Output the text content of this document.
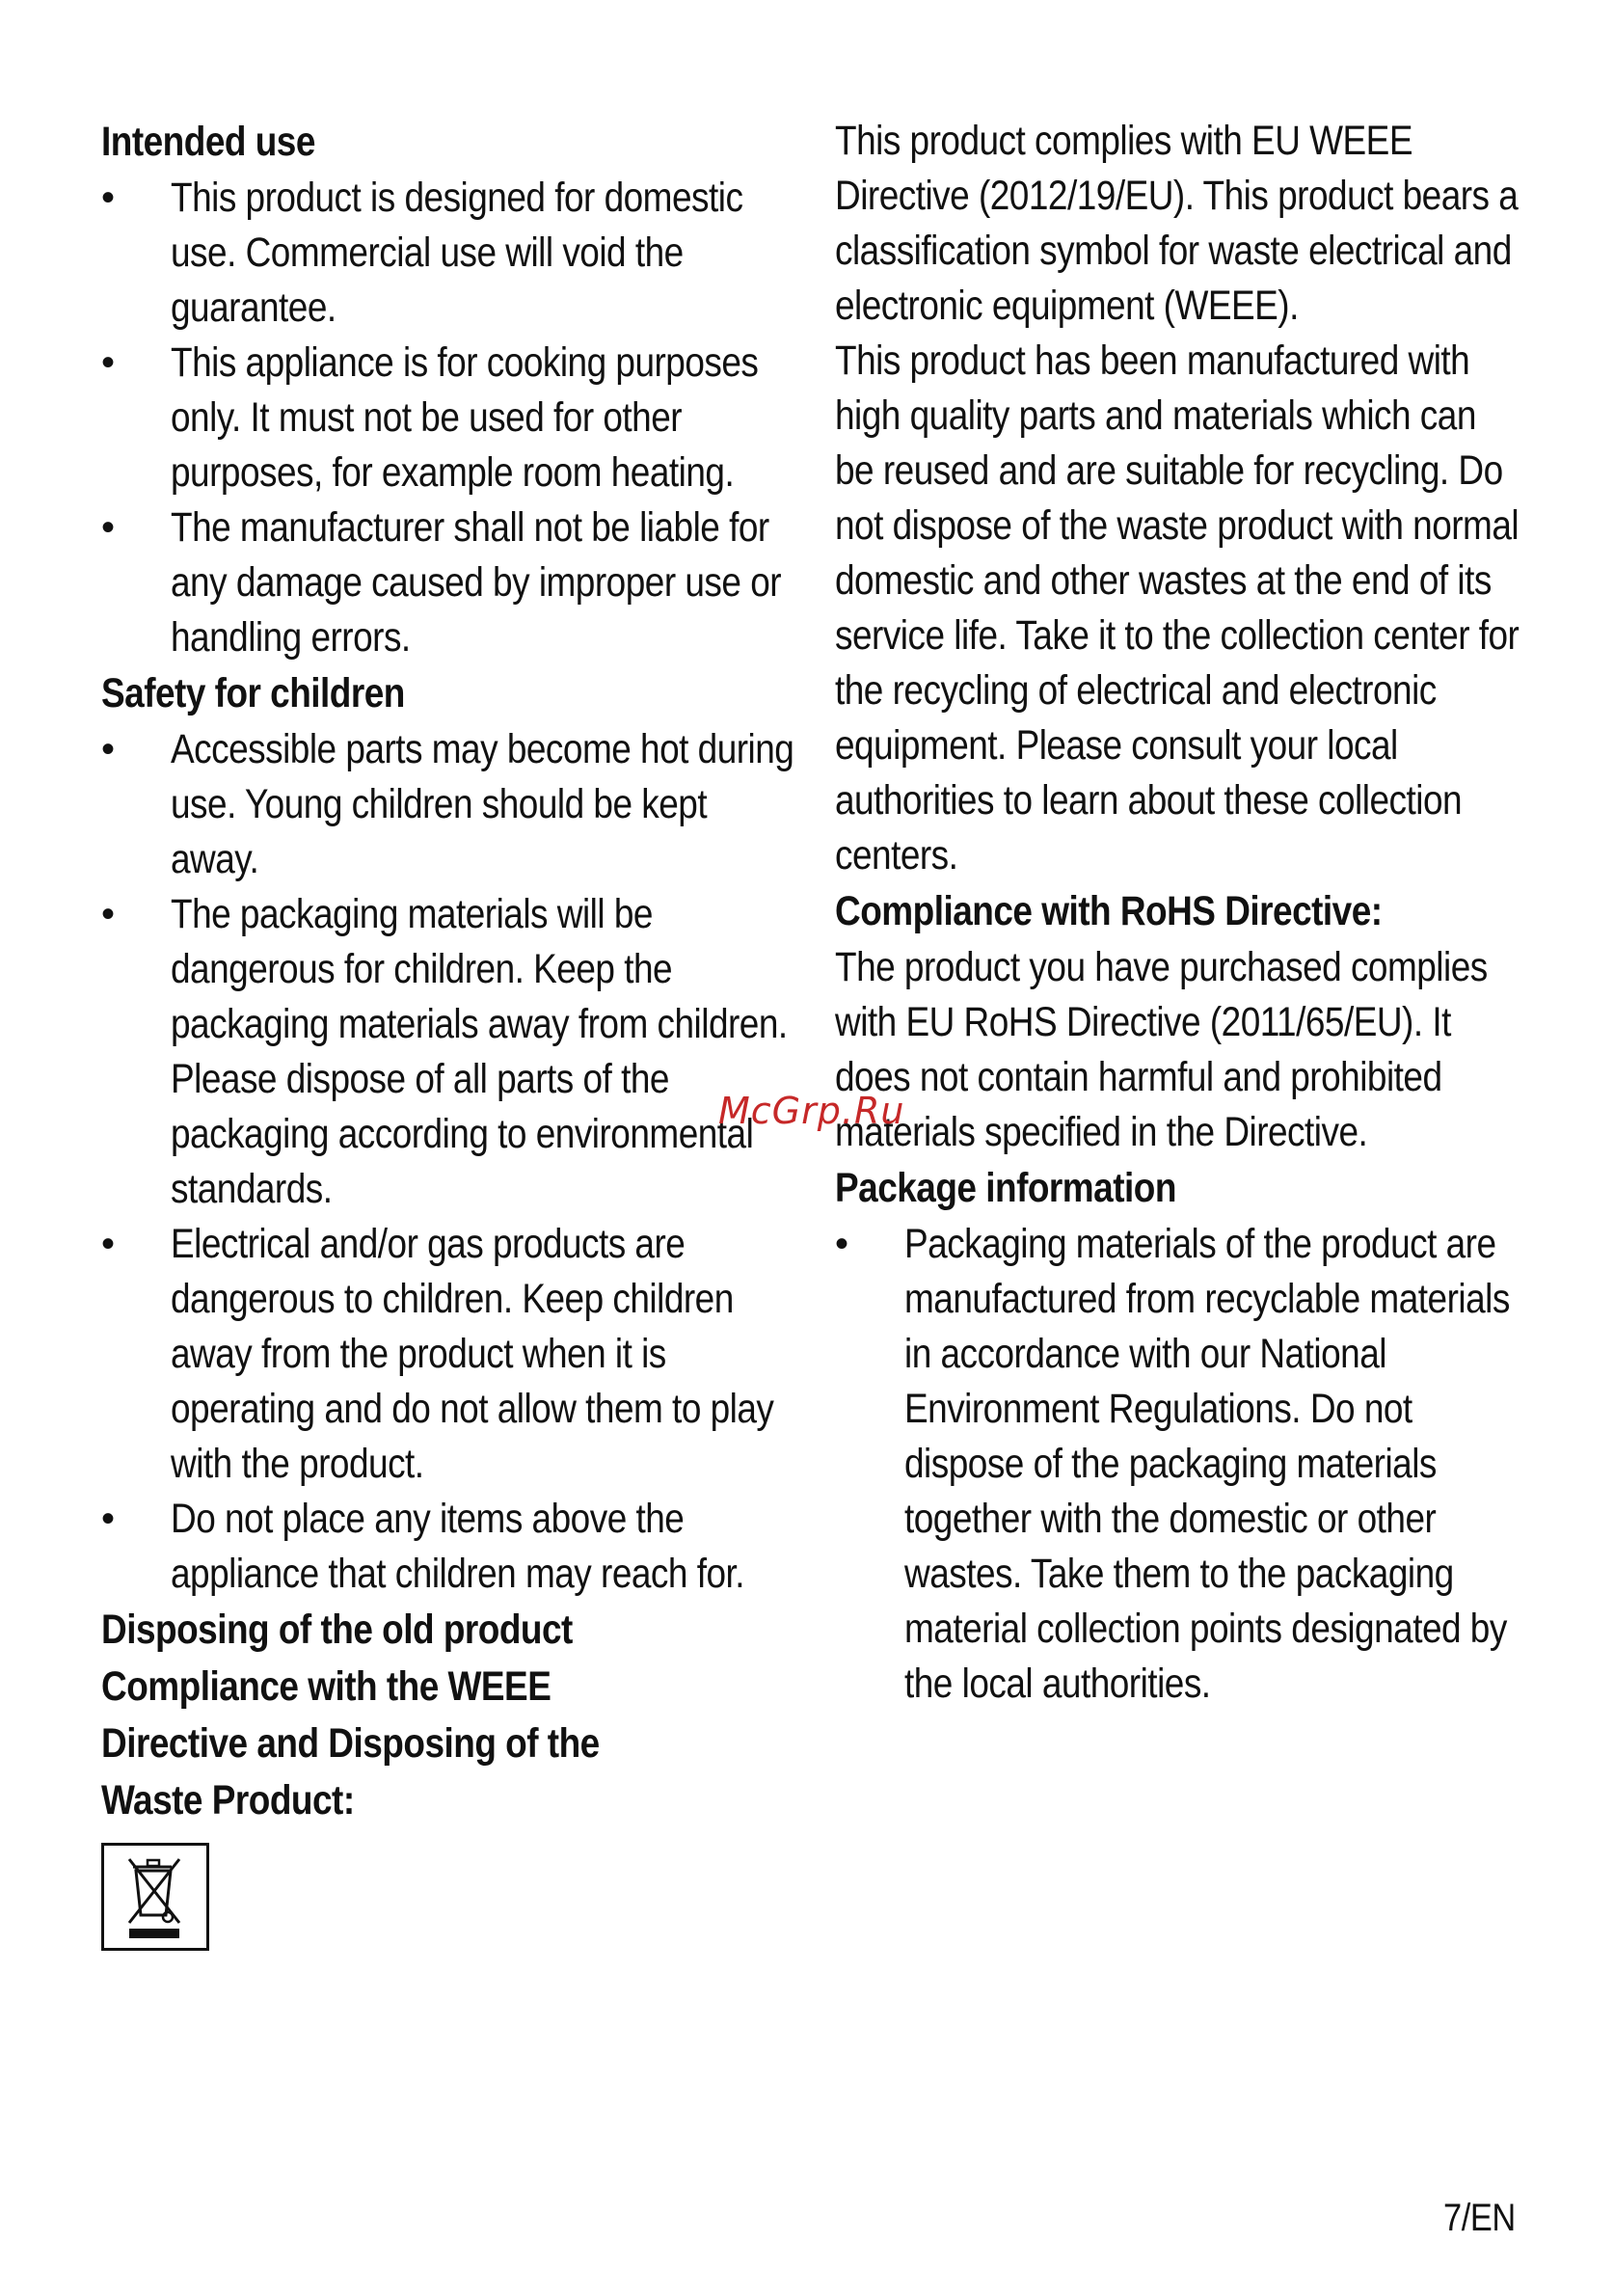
Intended use
• This product is designed for domestic use. Commercial use will void the guarantee.
• This appliance is for cooking purposes only. It must not be used for other purposes, for example room heating.
• The manufacturer shall not be liable for any damage caused by improper use or handling errors.
Safety for children
• Accessible parts may become hot during use. Young children should be kept away.
• The packaging materials will be dangerous for children. Keep the packaging materials away from children. Please dispose of all parts of the packaging according to environmental standards.
• Electrical and/or gas products are dangerous to children. Keep children away from the product when it is operating and do not allow them to play with the product.
• Do not place any items above the appliance that children may reach for.
Disposing of the old product
Compliance with the WEEE
Directive and Disposing of the
Waste Product:

This product complies with EU WEEE Directive (2012/19/EU). This product bears a classification symbol for waste electrical and electronic equipment (WEEE).

This product has been manufactured with high quality parts and materials which can be reused and are suitable for recycling. Do not dispose of the waste product with normal domestic and other wastes at the end of its service life. Take it to the collection center for the recycling of electrical and electronic equipment. Please consult your local authorities to learn about these collection centers.

Compliance with RoHS Directive:

The product you have purchased complies with EU RoHS Directive (2011/65/EU). It does not contain harmful and prohibited materials specified in the Directive.

Package information
• Packaging materials of the product are manufactured from recyclable materials in accordance with our National Environment Regulations. Do not dispose of the packaging materials together with the domestic or other wastes. Take them to the packaging material collection points designated by the local authorities.
McGrp.Ru
7/EN
